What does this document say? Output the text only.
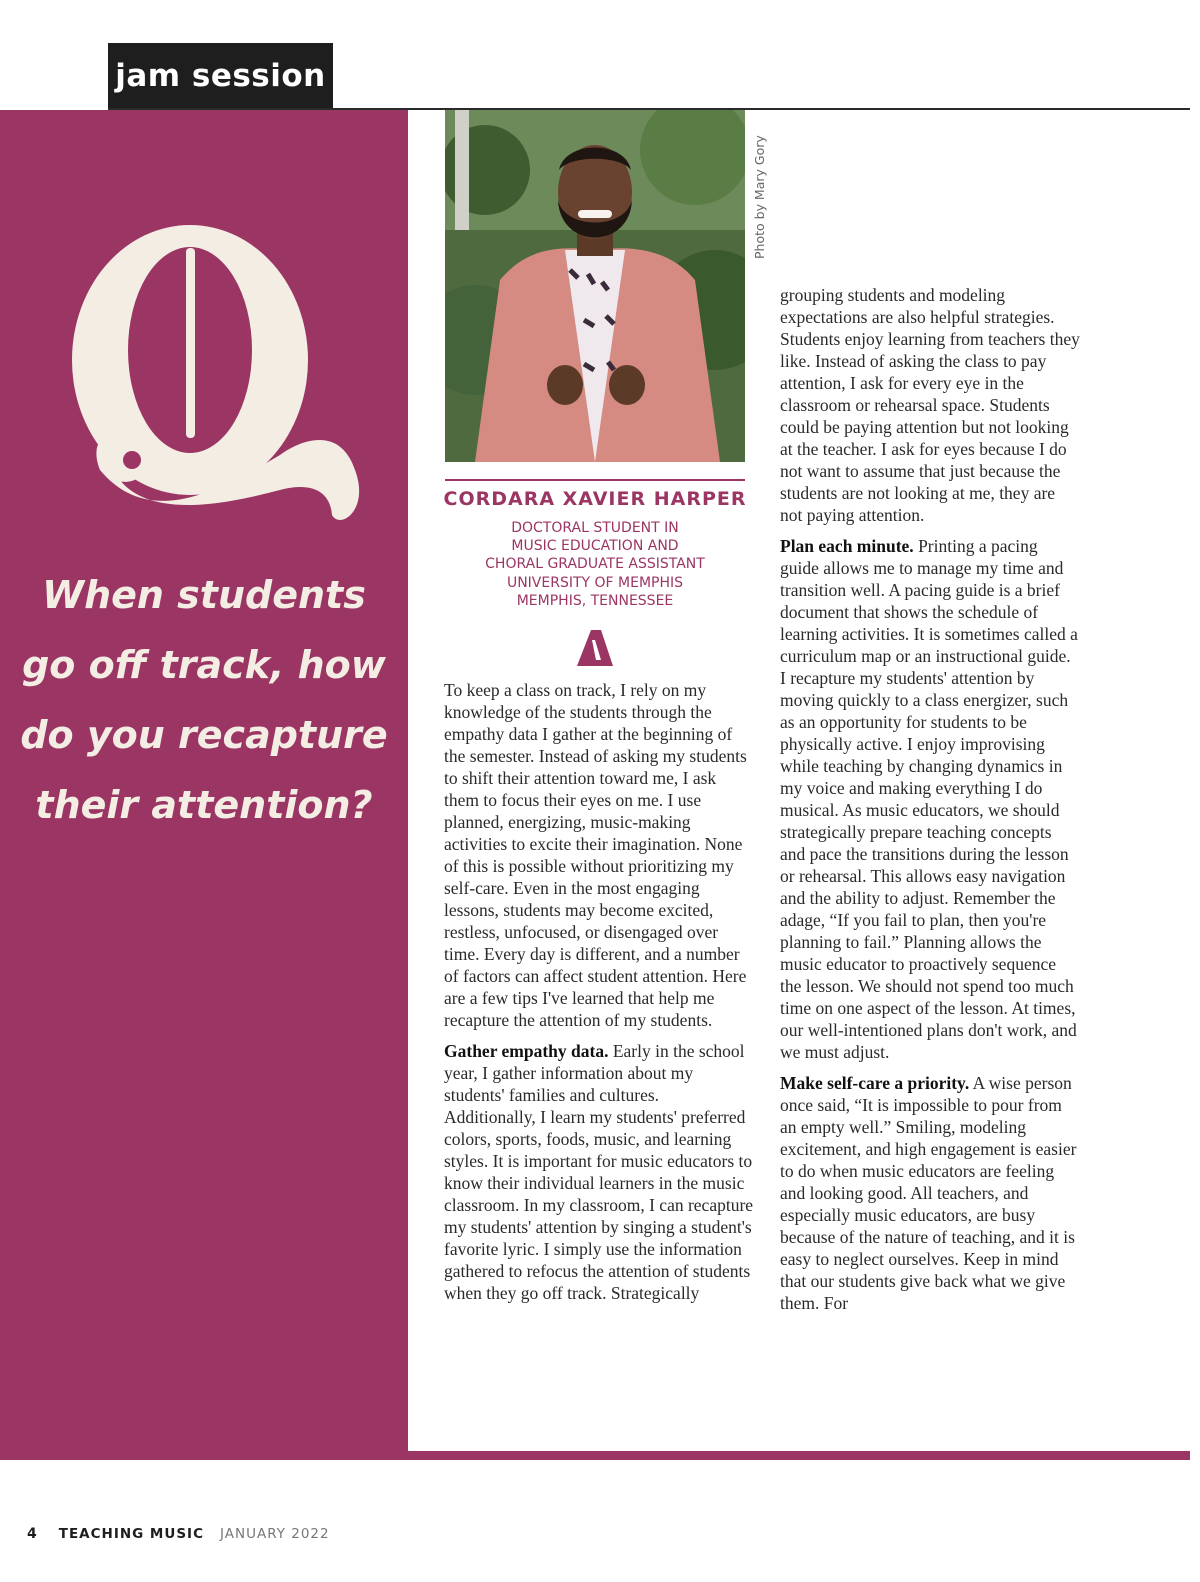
jam session
When students go off track, how do you recapture their attention?
Photo by Mary Gory
CORDARA XAVIER HARPER
DOCTORAL STUDENT IN
MUSIC EDUCATION AND
CHORAL GRADUATE ASSISTANT
UNIVERSITY OF MEMPHIS
MEMPHIS, TENNESSEE

To keep a class on track, I rely on my knowledge of the students through the empathy data I gather at the beginning of the semester. Instead of asking my students to shift their attention toward me, I ask them to focus their eyes on me. I use planned, energizing, music-making activities to excite their imagination. None of this is possible without prioritizing my self-care. Even in the most engaging lessons, students may become excited, restless, unfocused, or disengaged over time. Every day is different, and a number of factors can affect student attention. Here are a few tips I've learned that help me recapture the attention of my students.

Gather empathy data. Early in the school year, I gather information about my students' families and cultures. Additionally, I learn my students' preferred colors, sports, foods, music, and learning styles. It is important for music educators to know their individual learners in the music classroom. In my classroom, I can recapture my students' attention by singing a student's favorite lyric. I simply use the information gathered to refocus the attention of students when they go off track. Strategically

grouping students and modeling expectations are also helpful strategies. Students enjoy learning from teachers they like. Instead of asking the class to pay attention, I ask for every eye in the classroom or rehearsal space. Students could be paying attention but not looking at the teacher. I ask for eyes because I do not want to assume that just because the students are not looking at me, they are not paying attention.

Plan each minute. Printing a pacing guide allows me to manage my time and transition well. A pacing guide is a brief document that shows the schedule of learning activities. It is sometimes called a curriculum map or an instructional guide. I recapture my students' attention by moving quickly to a class energizer, such as an opportunity for students to be physically active. I enjoy improvising while teaching by changing dynamics in my voice and making everything I do musical. As music educators, we should strategically prepare teaching concepts and pace the transitions during the lesson or rehearsal. This allows easy navigation and the ability to adjust. Remember the adage, “If you fail to plan, then you're planning to fail.” Planning allows the music educator to proactively sequence the lesson. We should not spend too much time on one aspect of the lesson. At times, our well-intentioned plans don't work, and we must adjust.

Make self-care a priority. A wise person once said, “It is impossible to pour from an empty well.” Smiling, modeling excitement, and high engagement is easier to do when music educators are feeling and looking good. All teachers, and especially music educators, are busy because of the nature of teaching, and it is easy to neglect ourselves. Keep in mind that our students give back what we give them. For

4 TEACHING MUSIC JANUARY 2022
